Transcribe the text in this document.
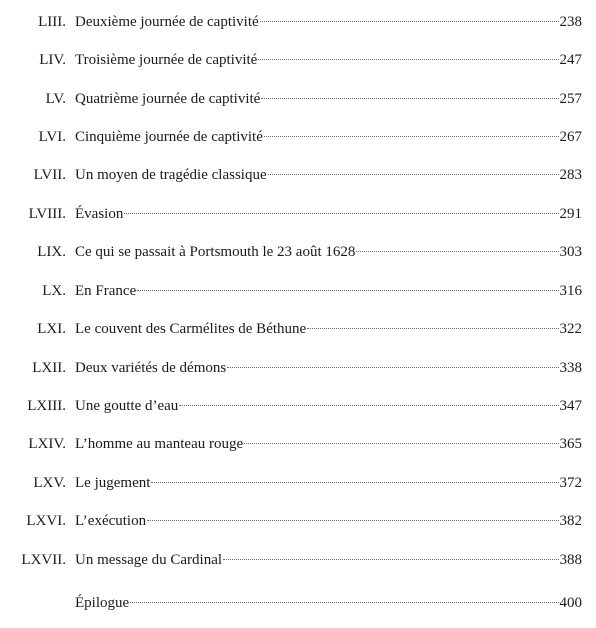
LIII. Deuxième journée de captivité	238
LIV. Troisième journée de captivité	247
LV. Quatrième journée de captivité	257
LVI. Cinquième journée de captivité	267
LVII. Un moyen de tragédie classique	283
LVIII. Évasion	291
LIX. Ce qui se passait à Portsmouth le 23 août 1628	303
LX. En France	316
LXI. Le couvent des Carmélites de Béthune	322
LXII. Deux variétés de démons	338
LXIII. Une goutte d’eau	347
LXIV. L’homme au manteau rouge	365
LXV. Le jugement	372
LXVI. L’exécution	382
LXVII. Un message du Cardinal	388
Épilogue	400
